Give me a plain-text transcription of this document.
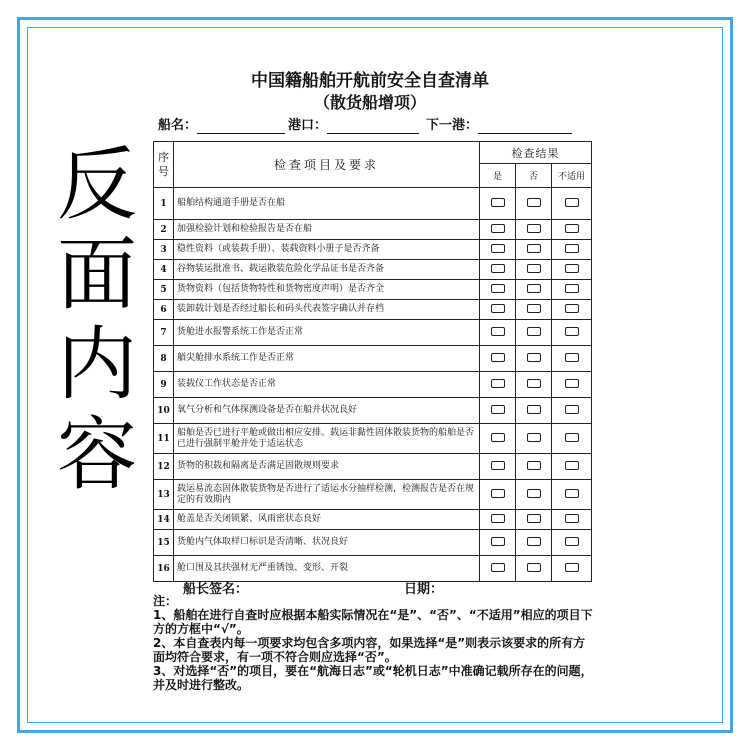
反
面
内
容
中国籍船舶开航前安全自查清单
（散货船增项）
船名：	港口：	下一港：
序
号	检查项目及要求	检查结果		
		是	否	不适用
1	船舶结构通道手册是否在船			
2	加强检验计划和检验报告是否在船			
3	稳性资料（或装载手册）、装载资料小册子是否齐备			
4	谷物装运批准书、载运散装危险化学品证书是否齐备			
5	货物资料（包括货物特性和货物密度声明）是否齐全			
6	装卸载计划是否经过船长和码头代表签字确认并存档			
7	货舱进水报警系统工作是否正常			
8	艏尖舱排水系统工作是否正常			
9	装载仪工作状态是否正常			
10	氧气分析和气体探测设备是否在船并状况良好			
11	船舶是否已进行平舱或做出相应安排。载运非黏性固体散装货物的船舶是否已进行强制平舱并处于适运状态			
12	货物的积载和隔离是否满足固散规则要求			
13	载运易流态固体散装货物是否进行了适运水分抽样检测，检测报告是否在规定的有效期内			
14	舱盖是否关闭锁紧、风雨密状态良好			
15	货舱内气体取样口标识是否清晰、状况良好			
16	舱口围及其扶强材无严重锈蚀、变形、开裂			
船长签名：	日期：

注：

1、船舶在进行自查时应根据本船实际情况在“是”、“否”、“不适用”相应的项目下方的方框中“√”。

2、本自查表内每一项要求均包含多项内容，如果选择“是”则表示该要求的所有方面均符合要求，有一项不符合则应选择“否”。

3、对选择“否”的项目，要在“航海日志”或“轮机日志”中准确记载所存在的问题，并及时进行整改。
